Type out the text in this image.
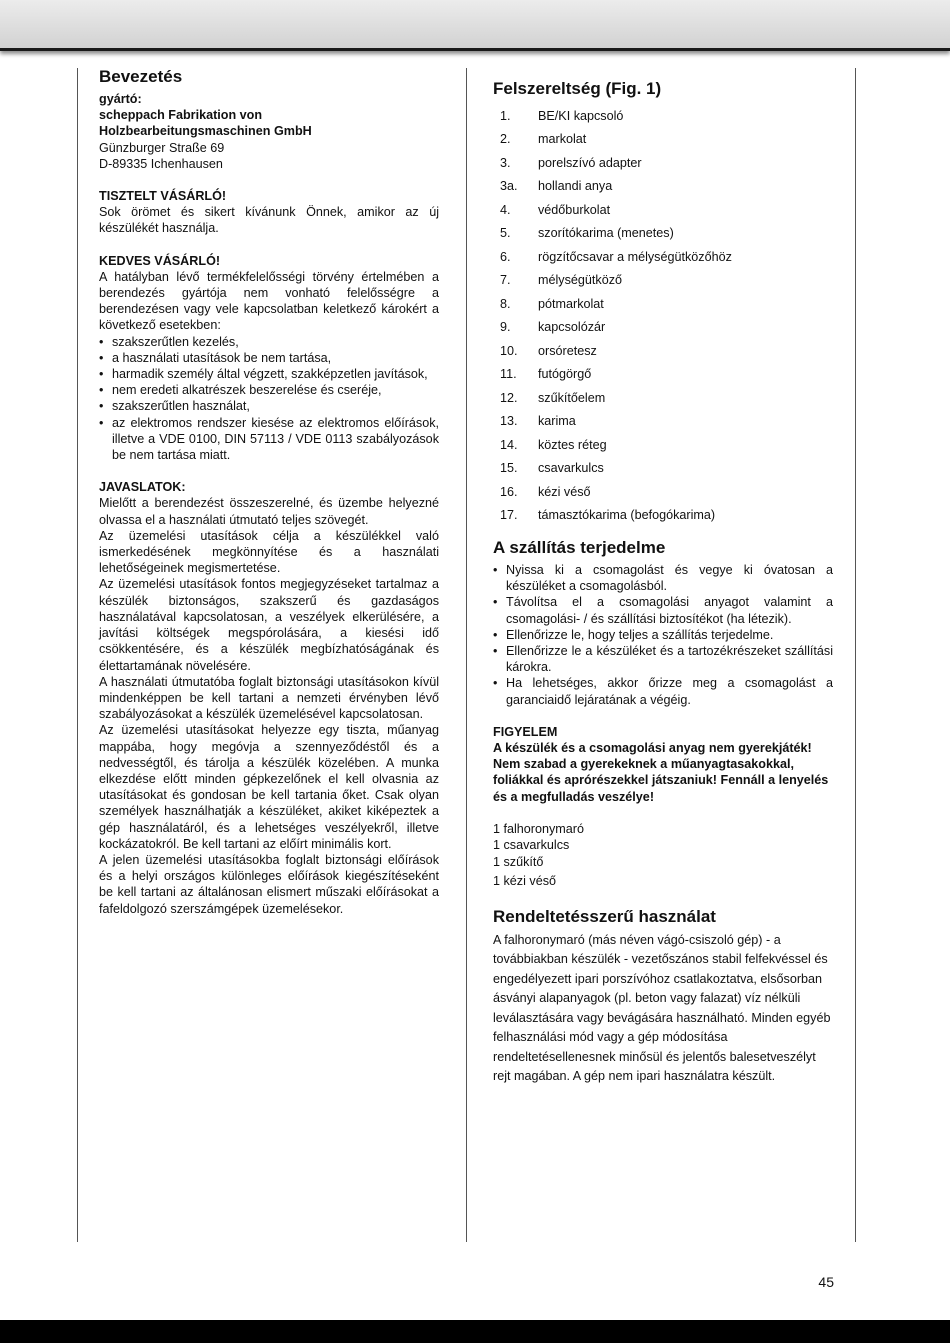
Bevezetés
gyártó:
scheppach Fabrikation von
Holzbearbeitungsmaschinen GmbH
Günzburger Straße 69
D-89335 Ichenhausen
TISZTELT VÁSÁRLÓ!

Sok örömet és sikert kívánunk Önnek, amikor az új készülékét használja.

KEDVES VÁSÁRLÓ!

A hatályban lévő termékfelelősségi törvény értelmében a berendezés gyártója nem vonható felelősségre a berendezésen vagy vele kapcsolatban keletkező károkért a következő esetekben:

• szakszerűtlen kezelés,
• a használati utasítások be nem tartása,
• harmadik személy által végzett, szakképzetlen javítások,
• nem eredeti alkatrészek beszerelése és cseréje,
• szakszerűtlen használat,
• az elektromos rendszer kiesése az elektromos előírások, illetve a VDE 0100, DIN 57113 / VDE 0113 szabályozások be nem tartása miatt.
JAVASLATOK:

Mielőtt a berendezést összeszerelné, és üzembe helyezné olvassa el a használati útmutató teljes szövegét.

Az üzemelési utasítások célja a készülékkel való ismerkedésének megkönnyítése és a használati lehetőségeinek megismertetése.

Az üzemelési utasítások fontos megjegyzéseket tartalmaz a készülék biztonságos, szakszerű és gazdaságos használatával kapcsolatosan, a veszélyek elkerülésére, a javítási költségek megspórolására, a kiesési idő csökkentésére, és a készülék megbízhatóságának és élettartamának növelésére.

A használati útmutatóba foglalt biztonsági utasításokon kívül mindenképpen be kell tartani a nemzeti érvényben lévő szabályozásokat a készülék üzemelésével kapcsolatosan.

Az üzemelési utasításokat helyezze egy tiszta, műanyag mappába, hogy megóvja a szennyeződéstől és a nedvességtől, és tárolja a készülék közelében. A munka elkezdése előtt minden gépkezelőnek el kell olvasnia az utasításokat és gondosan be kell tartania őket. Csak olyan személyek használhatják a készüléket, akiket kiképeztek a gép használatáról, és a lehetséges veszélyekről, illetve kockázatokról. Be kell tartani az előírt minimális kort.

A jelen üzemelési utasításokba foglalt biztonsági előírások és a helyi országos különleges előírások kiegészítéseként be kell tartani az általánosan elismert műszaki előírásokat a fafeldolgozó szerszámgépek üzemelésekor.

Felszereltség (Fig. 1)
1.	BE/KI kapcsoló
2.	markolat
3.	porelszívó adapter
3a.	hollandi anya
4.	védőburkolat
5.	szorítókarima (menetes)
6.	rögzítőcsavar a mélységütközőhöz
7.	mélységütköző
8.	pótmarkolat
9.	kapcsolózár
10.	orsóretesz
11.	futógörgő
12.	szűkítőelem
13.	karima
14.	köztes réteg
15.	csavarkulcs
16.	kézi véső
17.	támasztókarima (befogókarima)
A szállítás terjedelme
• Nyissa ki a csomagolást és vegye ki óvatosan a készüléket a csomagolásból.
• Távolítsa el a csomagolási anyagot valamint a csomagolási- / és szállítási biztosítékot (ha létezik).
• Ellenőrizze le, hogy teljes a szállítás terjedelme.
• Ellenőrizze le a készüléket és a tartozékrészeket szállítási károkra.
• Ha lehetséges, akkor őrizze meg a csomagolást a garanciaidő lejáratának a végéig.
FIGYELEM
A készülék és a csomagolási anyag nem gyerekjáték! Nem szabad a gyerekeknek a műanyagtasakokkal, foliákkal és aprórészekkel játszaniuk! Fennáll a lenyelés és a megfulladás veszélye!
1 falhoronymaró
1 csavarkulcs
1 szűkítő
1 kézi véső
Rendeltetésszerű használat

A falhoronymaró (más néven vágó-csiszoló gép) - a továbbiakban készülék - vezetőszános stabil felfekvéssel és engedélyezett ipari porszívóhoz csatlakoztatva, elsősorban ásványi alapanyagok (pl. beton vagy falazat) víz nélküli leválasztására vagy bevágására használható. Minden egyéb felhasználási mód vagy a gép módosítása rendeltetésellenesnek minősül és jelentős balesetveszélyt rejt magában. A gép nem ipari használatra készült.

45
